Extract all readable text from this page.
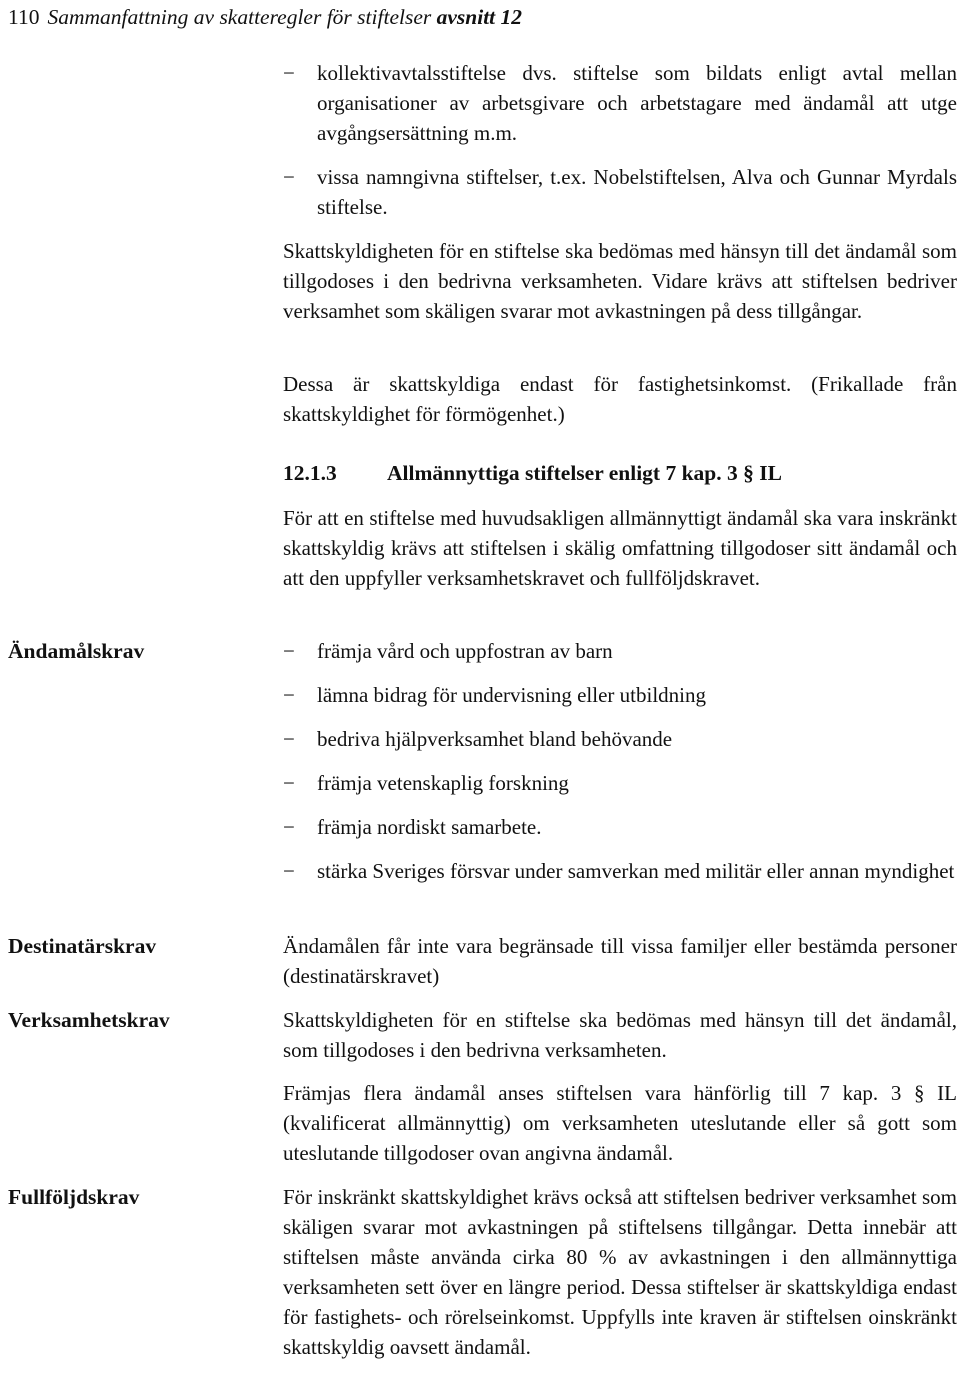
110 Sammanfattning av skatteregler för stiftelser avsnitt 12

− kollektivavtalsstiftelse dvs. stiftelse som bildats enligt avtal mellan organisationer av arbetsgivare och arbetstagare med ändamål att utge avgångsersättning m.m.

− vissa namngivna stiftelser, t.ex. Nobelstiftelsen, Alva och Gunnar Myrdals stiftelse.

Skattskyldigheten för en stiftelse ska bedömas med hänsyn till det ändamål som tillgodoses i den bedrivna verksamheten. Vidare krävs att stiftelsen bedriver verksamhet som skäligen svarar mot avkastningen på dess tillgångar.

Dessa är skattskyldiga endast för fastighetsinkomst. (Frikallade från skattskyldighet för förmögenhet.)

12.1.3 Allmännyttiga stiftelser enligt 7 kap. 3 § IL

För att en stiftelse med huvudsakligen allmännyttigt ändamål ska vara inskränkt skattskyldig krävs att stiftelsen i skälig omfattning tillgodoser sitt ändamål och att den uppfyller verksamhetskravet och fullföljdskravet.

Ändamålskrav	− främja vård och uppfostran av barn

− lämna bidrag för undervisning eller utbildning

− bedriva hjälpverksamhet bland behövande

− främja vetenskaplig forskning

− främja nordiskt samarbete.

− stärka Sveriges försvar under samverkan med militär eller annan myndighet

Destinatärskrav	Ändamålen får inte vara begränsade till vissa familjer eller bestämda personer (destinatärskravet)

Verksamhetskrav	Skattskyldigheten för en stiftelse ska bedömas med hänsyn till det ändamål, som tillgodoses i den bedrivna verksamheten.

Främjas flera ändamål anses stiftelsen vara hänförlig till 7 kap. 3 § IL (kvalificerat allmännyttig) om verksamheten uteslutande eller så gott som uteslutande tillgodoser ovan angivna ändamål.

Fullföljdskrav	För inskränkt skattskyldighet krävs också att stiftelsen bedriver verksamhet som skäligen svarar mot avkastningen på stiftelsens tillgångar. Detta innebär att stiftelsen måste använda cirka 80 % av avkastningen i den allmännyttiga verksamheten sett över en längre period. Dessa stiftelser är skattskyldiga endast för fastighets- och rörelseinkomst. Uppfylls inte kraven är stiftelsen oinskränkt skattskyldig oavsett ändamål.
